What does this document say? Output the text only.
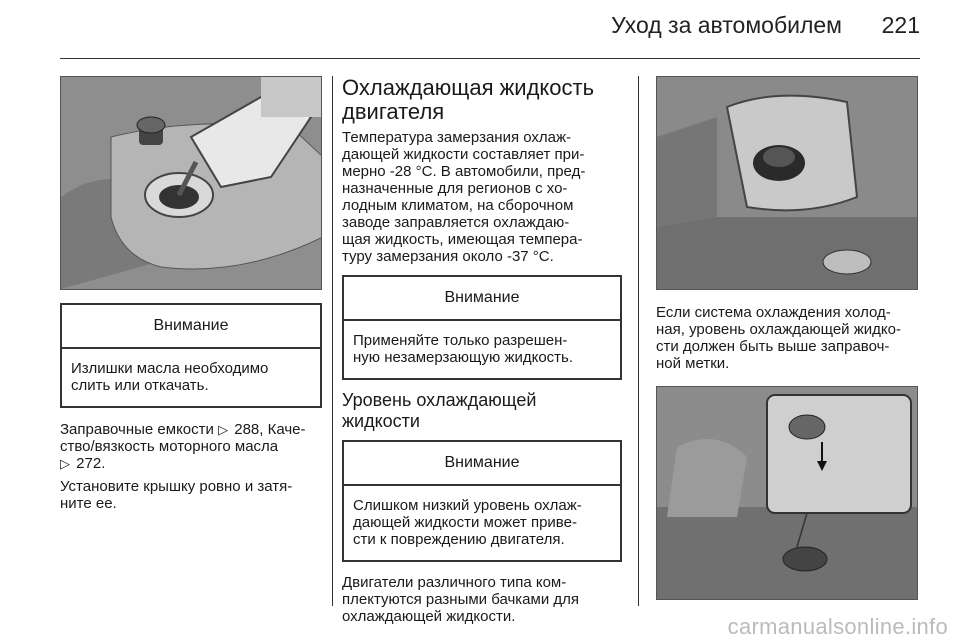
Уход за автомобилем 221
Внимание
Излишки масла необходимо
слить или откачать.

Заправочные емкости ▷ 288, Каче-

ство/вязкость моторного масла

▷ 272.

Установите крышку ровно и затя-

ните ее.

Охлаждающая жидкость
двигателя

Температура замерзания охлаж-

дающей жидкости составляет при-

мерно -28 °C. В автомобили, пред-

назначенные для регионов с хо-

лодным климатом, на сборочном

заводе заправляется охлаждаю-

щая жидкость, имеющая темпера-

туру замерзания около -37 °C.

Внимание
Применяйте только разрешен-
ную незамерзающую жидкость.
Уровень охлаждающей
жидкости
Внимание
Слишком низкий уровень охлаж-
дающей жидкости может приве-
сти к повреждению двигателя.

Двигатели различного типа ком-

плектуются разными бачками для

охлаждающей жидкости.

Если система охлаждения холод-

ная, уровень охлаждающей жидко-

сти должен быть выше заправоч-

ной метки.

carmanualsonline.info
